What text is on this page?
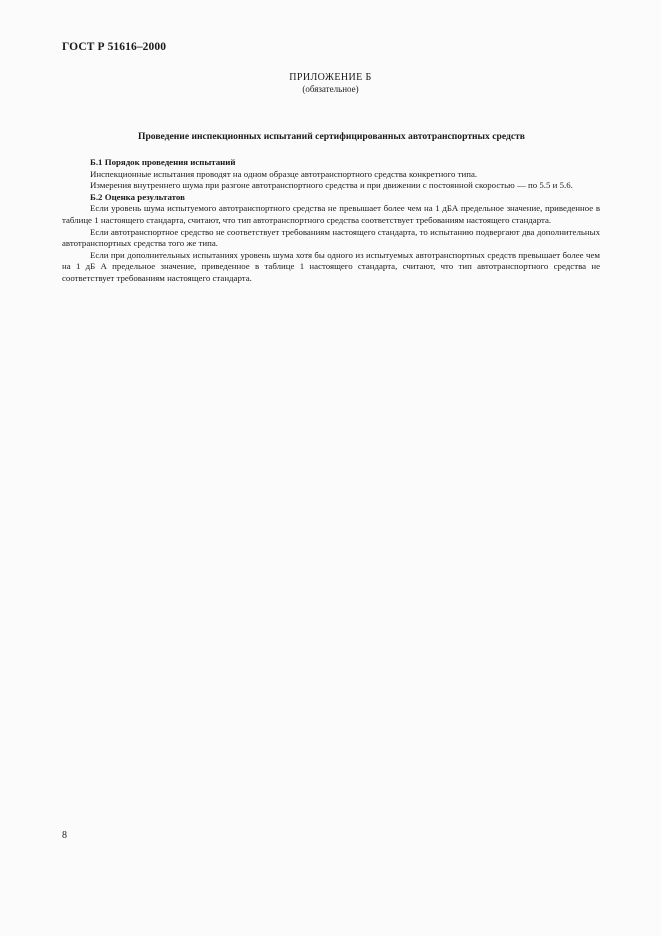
ГОСТ Р 51616–2000
ПРИЛОЖЕНИЕ Б
(обязательное)
Проведение инспекционных испытаний сертифицированных автотранспортных средств
Б.1 Порядок проведения испытаний

Инспекционные испытания проводят на одном образце автотранспортного средства конкретного типа.

Измерения внутреннего шума при разгоне автотранспортного средства и при движении с постоянной скоростью — по 5.5 и 5.6.

Б.2 Оценка результатов

Если уровень шума испытуемого автотранспортного средства не превышает более чем на 1 дБА предельное значение, приведенное в таблице 1 настоящего стандарта, считают, что тип автотранспортного средства соответствует требованиям настоящего стандарта.

Если автотранспортное средство не соответствует требованиям настоящего стандарта, то испытанию подвергают два дополнительных автотранспортных средства того же типа.

Если при дополнительных испытаниях уровень шума хотя бы одного из испытуемых автотранспортных средств превышает более чем на 1 дБ А предельное значение, приведенное в таблице 1 настоящего стандарта, считают, что тип автотранспортного средства не соответствует требованиям настоящего стандарта.

8
